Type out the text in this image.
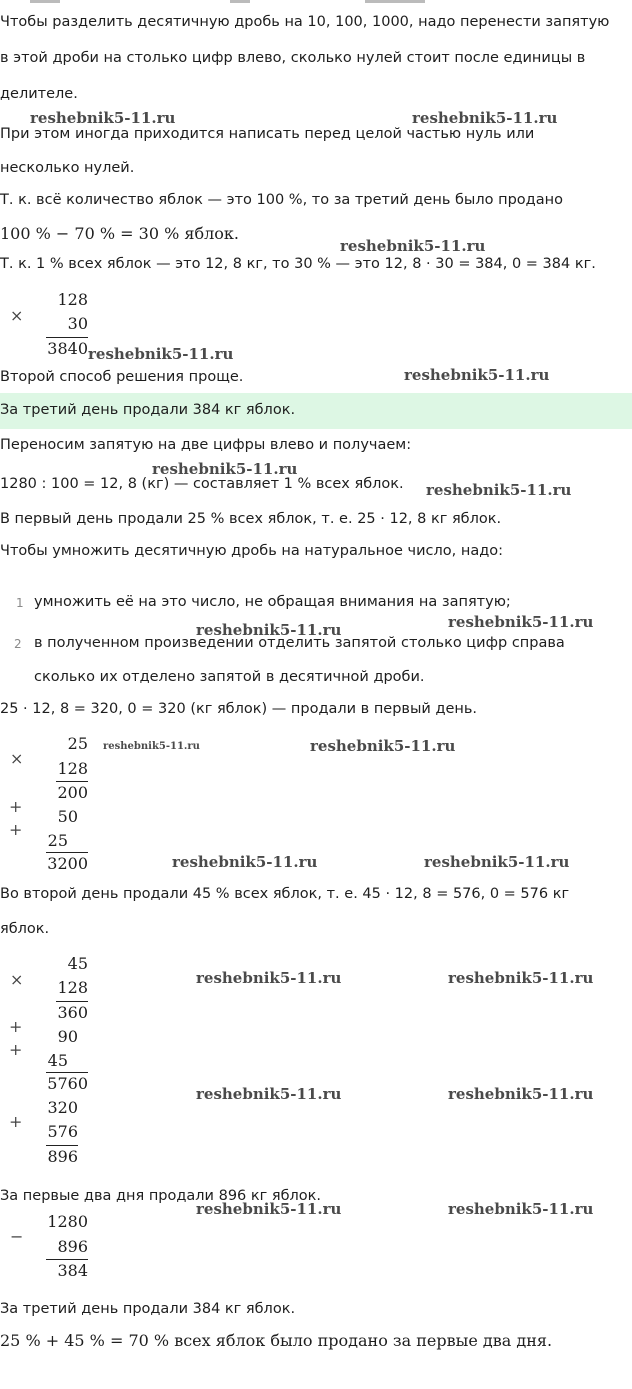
Чтобы разделить десятичную дробь на 10, 100, 1000, надо перенести запятую
в этой дроби на столько цифр влево, сколько нулей стоит после единицы в
делителе.
reshebnik5-11.ru	reshebnik5-11.ru
При этом иногда приходится написать перед целой частью нуль или
несколько нулей.
Т. к. всё количество яблок — это 100 %, то за третий день было продано
100 % − 70 % = 30 % яблок.
reshebnik5-11.ru
Т. к. 1 % всех яблок — это 12, 8 кг, то 30 % — это 12, 8 · 30 = 384, 0 = 384 кг.
×
128
30
3840 reshebnik5-11.ru
Второй способ решения проще.	reshebnik5-11.ru
За третий день продали 384 кг яблок.
Переносим запятую на две цифры влево и получаем:
reshebnik5-11.ru
1280 : 100 = 12, 8 (кг) — составляет 1 % всех яблок. reshebnik5-11.ru
В первый день продали 25 % всех яблок, т. е. 25 · 12, 8 кг яблок.
Чтобы умножить десятичную дробь на натуральное число, надо:
1 умножить её на это число, не обращая внимания на запятую;
reshebnik5-11.ru
reshebnik5-11.ru
2 в полученном произведении отделить запятой столько цифр справа
сколько их отделено запятой в десятичной дроби.
25 · 12, 8 = 320, 0 = 320 (кг яблок) — продали в первый день.
×
25 reshebnik5-11.ru	reshebnik5-11.ru
128
200
+
50
+
25
3200	reshebnik5-11.ru	reshebnik5-11.ru
Во второй день продали 45 % всех яблок, т. е. 45 · 12, 8 = 576, 0 = 576 кг
яблок.
×
45
reshebnik5-11.ru	reshebnik5-11.ru
128
360
+
90
+
45
5760
reshebnik5-11.ru	reshebnik5-11.ru
320
+
576
896
За первые два дня продали 896 кг яблок.
reshebnik5-11.ru	reshebnik5-11.ru
−
1280
896
384
За третий день продали 384 кг яблок.
25 % + 45 % = 70 % всех яблок было продано за первые два дня.
